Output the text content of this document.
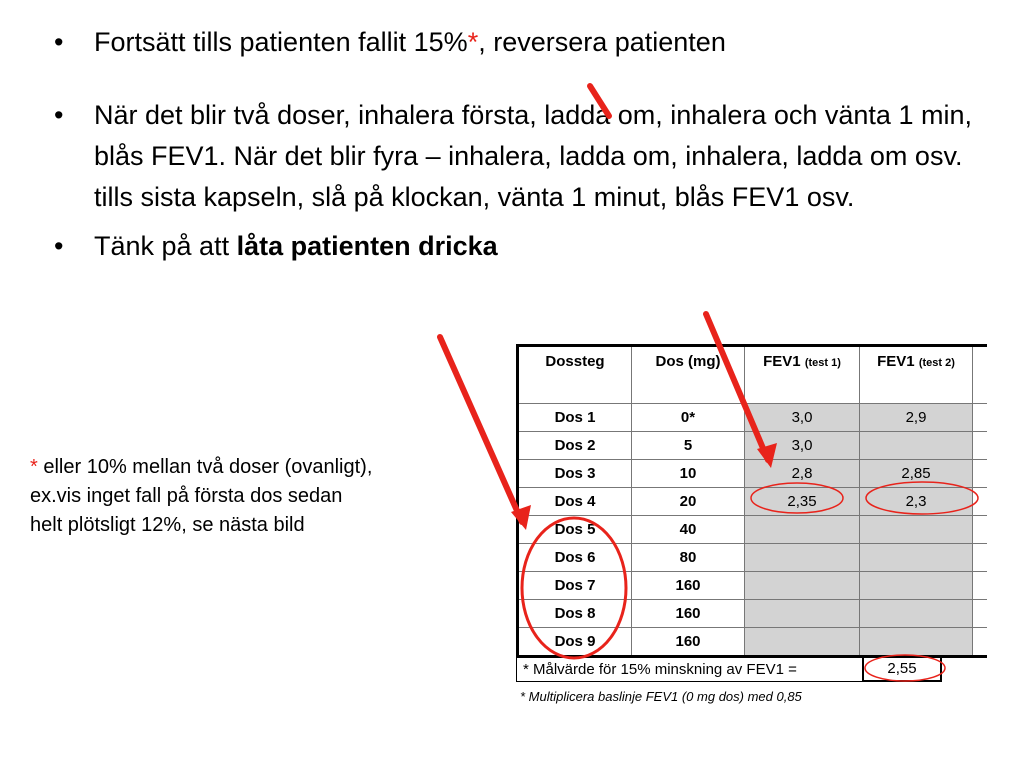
• Fortsätt tills patienten fallit 15%*, reversera patienten
• När det blir två doser, inhalera första, ladda om, inhalera och vänta 1 min, blås FEV1. När det blir fyra – inhalera, ladda om, inhalera, ladda om osv. tills sista kapseln, slå på klockan, vänta 1 minut, blås FEV1 osv.
• Tänk på att låta patienten dricka
* eller 10% mellan två doser (ovanligt), ex.vis inget fall på första dos sedan helt plötsligt 12%, se nästa bild
Dossteg	Dos (mg)	FEV1 (test 1)	FEV1 (test 2)	
Dos 1	0*	3,0	2,9	
Dos 2	5	3,0		
Dos 3	10	2,8	2,85	
Dos 4	20	2,35	2,3	
Dos 5	40			
Dos 6	80			
Dos 7	160			
Dos 8	160			
Dos 9	160			
* Målvärde för 15% minskning av FEV1 =	2,55
* Multiplicera baslinje FEV1 (0 mg dos) med 0,85
